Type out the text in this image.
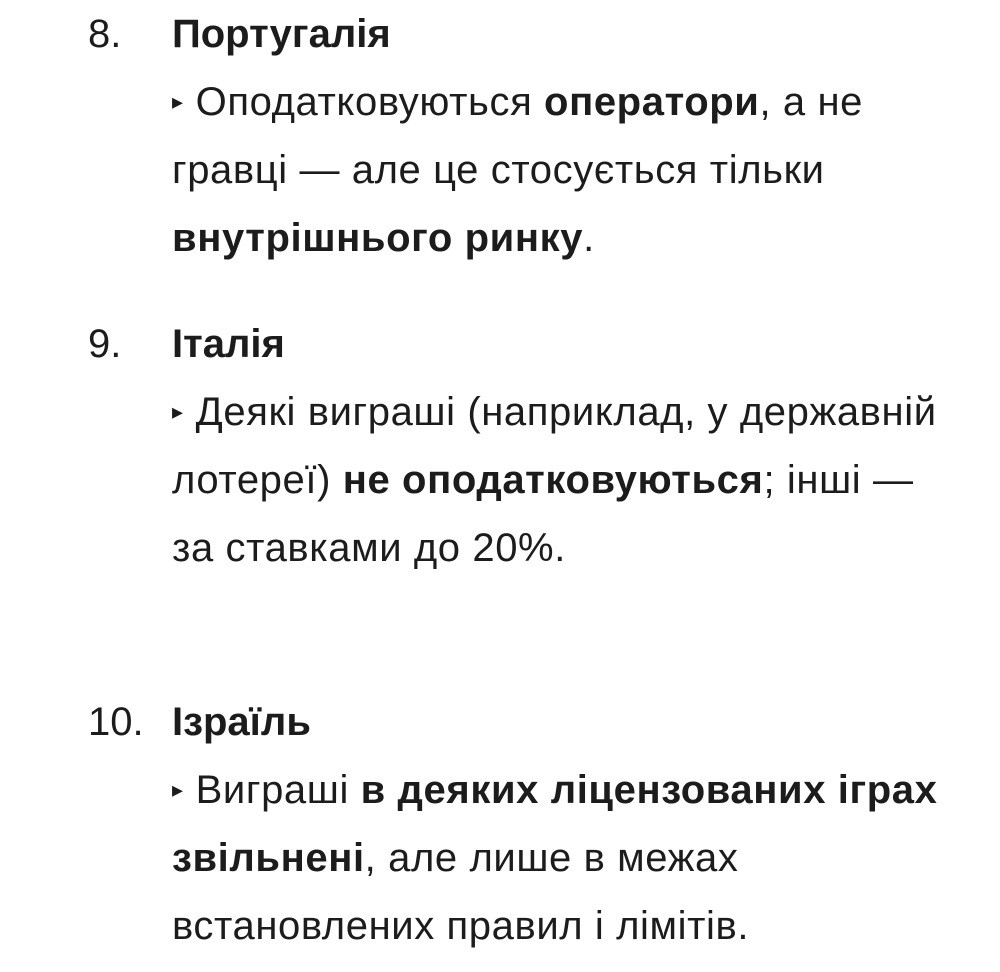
8. Португалія
▸ Оподатковуються оператори, а не гравці — але це стосується тільки внутрішнього ринку.
9. Італія
▸ Деякі виграші (наприклад, у державній лотереї) не оподатковуються; інші — за ставками до 20%.
10. Ізраїль
▸ Виграші в деяких ліцензованих іграх звільнені, але лише в межах встановлених правил і лімітів.
